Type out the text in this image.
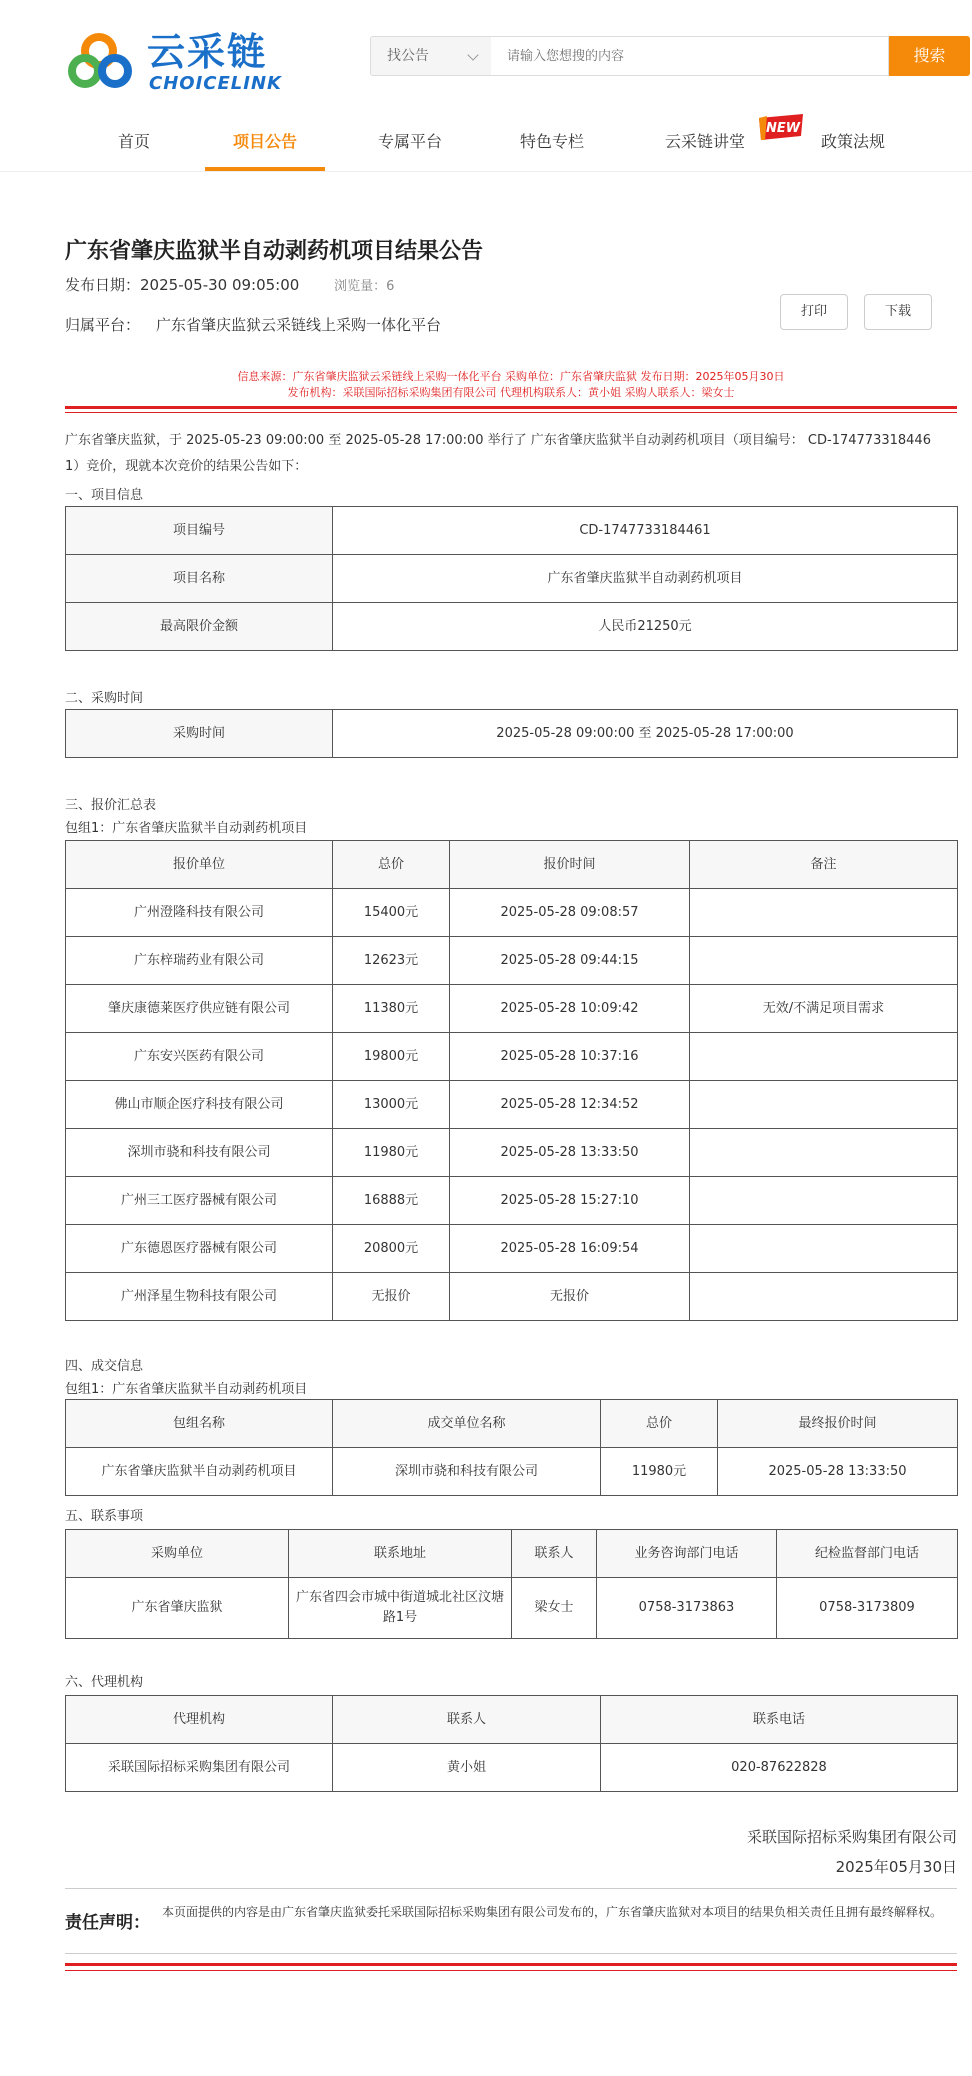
云采链
CHOICELINK
找公告
请输入您想搜的内容	搜索
首页	项目公告	专属平台	特色专栏	云采链讲堂	政策法规
NEW
广东省肇庆监狱半自动剥药机项目结果公告
发布日期：2025-05-30 09:05:00	浏览量：6
归属平台： 广东省肇庆监狱云采链线上采购一体化平台
打印	下载
信息来源：广东省肇庆监狱云采链线上采购一体化平台 采购单位：广东省肇庆监狱 发布日期：2025年05月30日
发布机构：采联国际招标采购集团有限公司 代理机构联系人：黄小姐 采购人联系人：梁女士
广东省肇庆监狱，于 2025-05-23 09:00:00 至 2025-05-28 17:00:00 举行了 广东省肇庆监狱半自动剥药机项目（项目编号： CD-174773318446
1）竞价，现就本次竞价的结果公告如下：
一、项目信息
项目编号	CD-1747733184461
项目名称	广东省肇庆监狱半自动剥药机项目
最高限价金额	人民币21250元
二、采购时间
采购时间	2025-05-28 09:00:00 至 2025-05-28 17:00:00
三、报价汇总表
包组1：广东省肇庆监狱半自动剥药机项目
报价单位	总价	报价时间	备注
广州澄隆科技有限公司	15400元	2025-05-28 09:08:57	
广东梓瑞药业有限公司	12623元	2025-05-28 09:44:15	
肇庆康德莱医疗供应链有限公司	11380元	2025-05-28 10:09:42	无效/不满足项目需求
广东安兴医药有限公司	19800元	2025-05-28 10:37:16	
佛山市顺企医疗科技有限公司	13000元	2025-05-28 12:34:52	
深圳市骁和科技有限公司	11980元	2025-05-28 13:33:50	
广州三工医疗器械有限公司	16888元	2025-05-28 15:27:10	
广东德恩医疗器械有限公司	20800元	2025-05-28 16:09:54	
广州泽星生物科技有限公司	无报价	无报价	
四、成交信息
包组1：广东省肇庆监狱半自动剥药机项目
包组名称	成交单位名称	总价	最终报价时间
广东省肇庆监狱半自动剥药机项目	深圳市骁和科技有限公司	11980元	2025-05-28 13:33:50
五、联系事项
采购单位	联系地址	联系人	业务咨询部门电话	纪检监督部门电话
广东省肇庆监狱	广东省四会市城中街道城北社区汶塘路1号	梁女士	0758-3173863	0758-3173809
六、代理机构
代理机构	联系人	联系电话
采联国际招标采购集团有限公司	黄小姐	020-87622828
采联国际招标采购集团有限公司
2025年05月30日
责任声明：
本页面提供的内容是由广东省肇庆监狱委托采联国际招标采购集团有限公司发布的，广东省肇庆监狱对本项目的结果负相关责任且拥有最终解释权。
